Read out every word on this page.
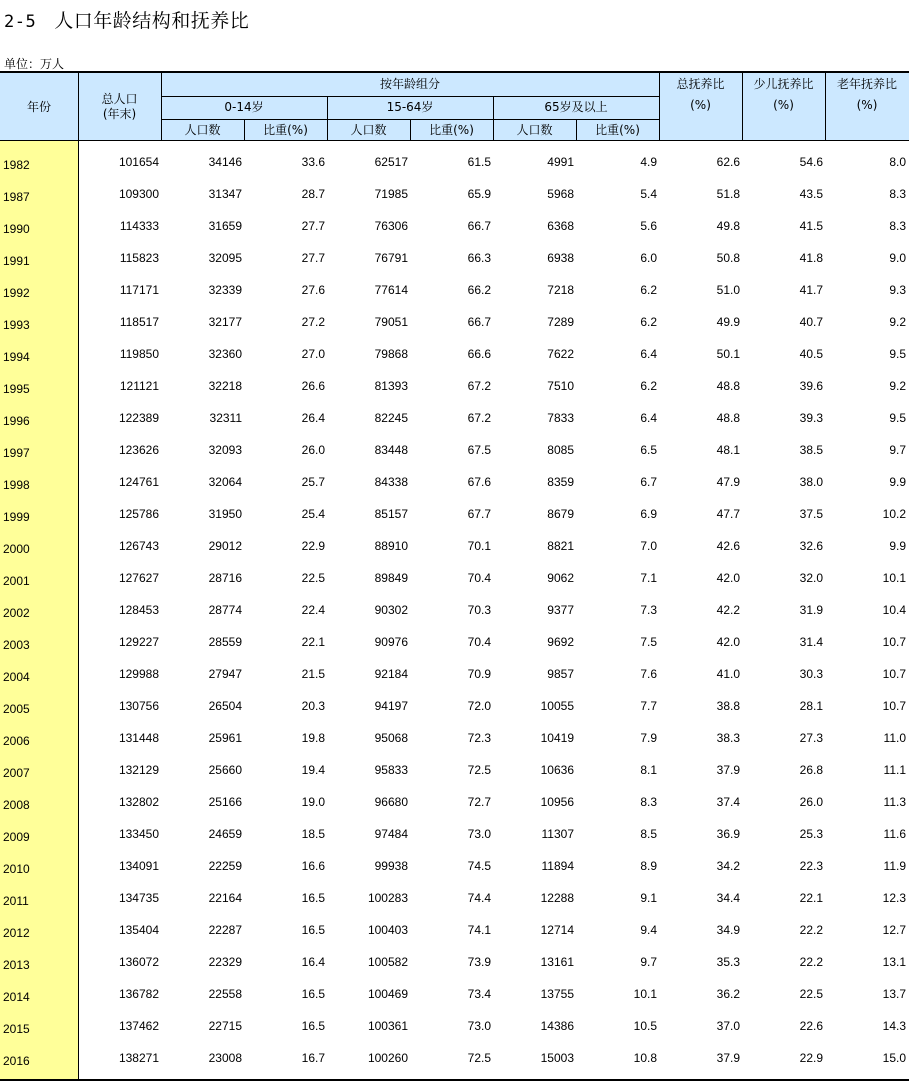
2-5 人口年龄结构和抚养比
单位：万人
年份
总人口
(年末)
按年龄组分
0-14岁	15-64岁	65岁及以上
人口数	比重(%)	人口数	比重(%)	人口数	比重(%)
总抚养比
(%)
少儿抚养比
(%)
老年抚养比
(%)
1982	101654	34146	33.6	62517	61.5	4991	4.9	62.6	54.6	8.0
1987	109300	31347	28.7	71985	65.9	5968	5.4	51.8	43.5	8.3
1990	114333	31659	27.7	76306	66.7	6368	5.6	49.8	41.5	8.3
1991	115823	32095	27.7	76791	66.3	6938	6.0	50.8	41.8	9.0
1992	117171	32339	27.6	77614	66.2	7218	6.2	51.0	41.7	9.3
1993	118517	32177	27.2	79051	66.7	7289	6.2	49.9	40.7	9.2
1994	119850	32360	27.0	79868	66.6	7622	6.4	50.1	40.5	9.5
1995	121121	32218	26.6	81393	67.2	7510	6.2	48.8	39.6	9.2
1996	122389	32311	26.4	82245	67.2	7833	6.4	48.8	39.3	9.5
1997	123626	32093	26.0	83448	67.5	8085	6.5	48.1	38.5	9.7
1998	124761	32064	25.7	84338	67.6	8359	6.7	47.9	38.0	9.9
1999	125786	31950	25.4	85157	67.7	8679	6.9	47.7	37.5	10.2
2000	126743	29012	22.9	88910	70.1	8821	7.0	42.6	32.6	9.9
2001	127627	28716	22.5	89849	70.4	9062	7.1	42.0	32.0	10.1
2002	128453	28774	22.4	90302	70.3	9377	7.3	42.2	31.9	10.4
2003	129227	28559	22.1	90976	70.4	9692	7.5	42.0	31.4	10.7
2004	129988	27947	21.5	92184	70.9	9857	7.6	41.0	30.3	10.7
2005	130756	26504	20.3	94197	72.0	10055	7.7	38.8	28.1	10.7
2006	131448	25961	19.8	95068	72.3	10419	7.9	38.3	27.3	11.0
2007	132129	25660	19.4	95833	72.5	10636	8.1	37.9	26.8	11.1
2008	132802	25166	19.0	96680	72.7	10956	8.3	37.4	26.0	11.3
2009	133450	24659	18.5	97484	73.0	11307	8.5	36.9	25.3	11.6
2010	134091	22259	16.6	99938	74.5	11894	8.9	34.2	22.3	11.9
2011	134735	22164	16.5	100283	74.4	12288	9.1	34.4	22.1	12.3
2012	135404	22287	16.5	100403	74.1	12714	9.4	34.9	22.2	12.7
2013	136072	22329	16.4	100582	73.9	13161	9.7	35.3	22.2	13.1
2014	136782	22558	16.5	100469	73.4	13755	10.1	36.2	22.5	13.7
2015	137462	22715	16.5	100361	73.0	14386	10.5	37.0	22.6	14.3
2016	138271	23008	16.7	100260	72.5	15003	10.8	37.9	22.9	15.0
